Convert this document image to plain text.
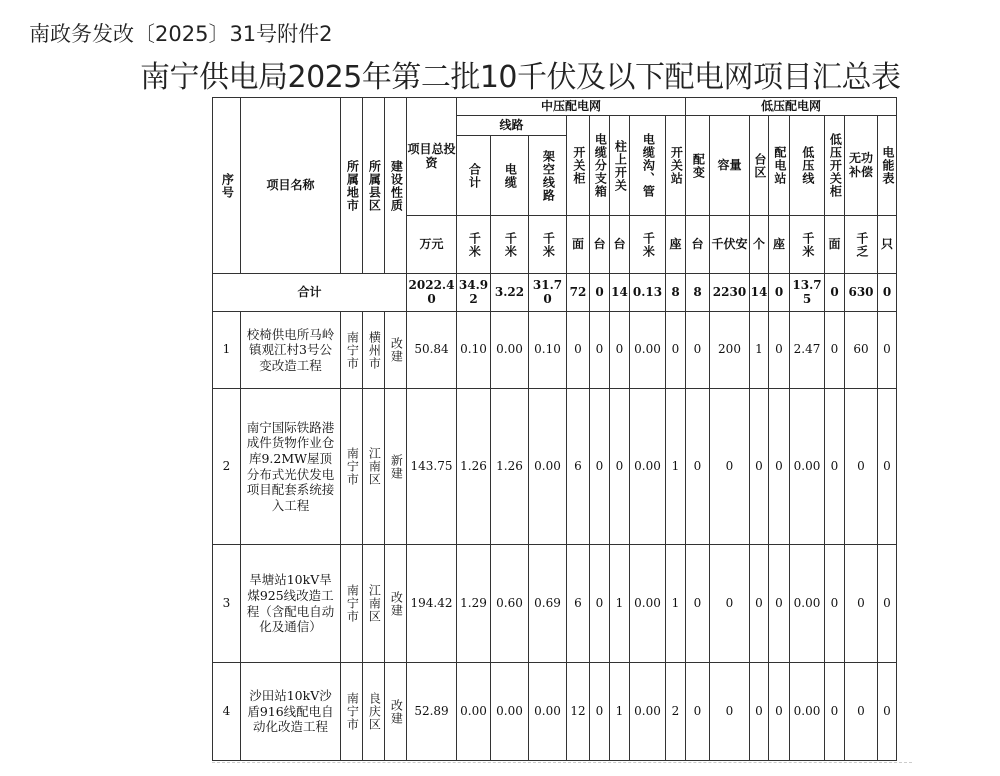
南政务发改〔2025〕31号附件2
南宁供电局2025年第二批10千伏及以下配电网项目汇总表
序号	项目名称	所属地市	所属县区	建设性质	项目总投资	中压配电网								低压配电网							
						线路			开关柜	电缆分支箱	柱上开关	电缆沟、管	开关站	配变	容量	台区	配电站	低压线	低压开关柜	无功补偿	电能表

						合计	电缆	架空线路													

					万元	千米	千米	千米	面	台	台	千米	座	台	千伏安	个	座	千米	面	千乏	只
合计					2022.40	34.92	3.22	31.70	72	0	14	0.13	8	8	2230	14	0	13.75	0	630	0
1	校椅供电所马岭镇观江村3号公变改造工程	南宁市	横州市	改建	50.84	0.10	0.00	0.10	0	0	0	0.00	0	0	200	1	0	2.47	0	60	0
2	南宁国际铁路港成件货物作业仓库9.2MW屋顶分布式光伏发电项目配套系统接入工程	南宁市	江南区	新建	143.75	1.26	1.26	0.00	6	0	0	0.00	1	0	0	0	0	0.00	0	0	0
3	旱塘站10kV旱煤925线改造工程（含配电自动化及通信）	南宁市	江南区	改建	194.42	1.29	0.60	0.69	6	0	1	0.00	1	0	0	0	0	0.00	0	0	0
4	沙田站10kV沙盾916线配电自动化改造工程	南宁市	良庆区	改建	52.89	0.00	0.00	0.00	12	0	1	0.00	2	0	0	0	0	0.00	0	0	0
